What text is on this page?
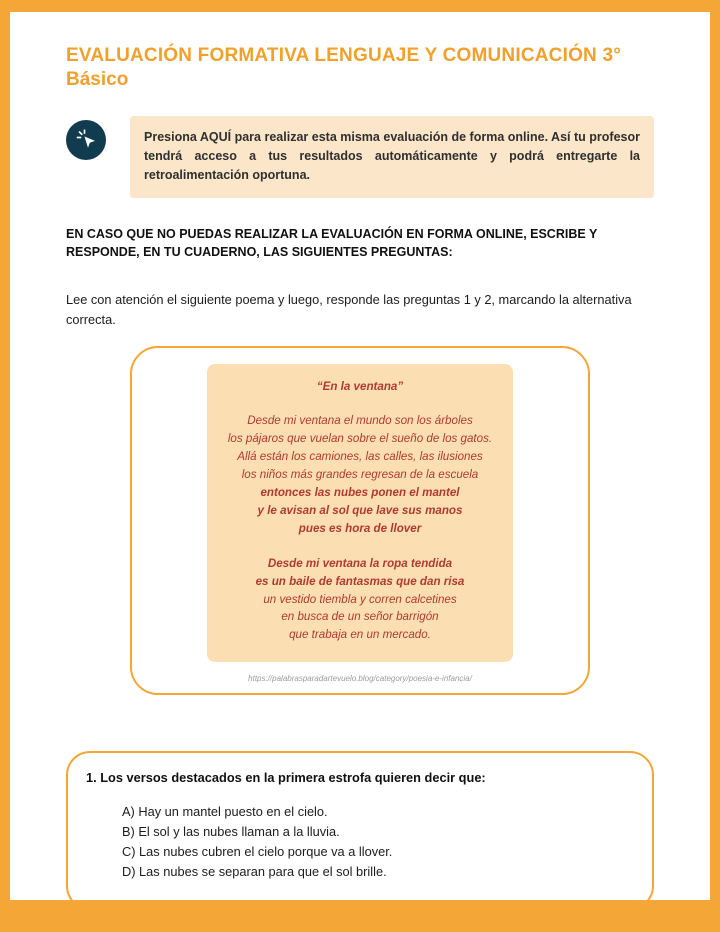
EVALUACIÓN FORMATIVA LENGUAJE Y COMUNICACIÓN 3°
Básico

Presiona AQUÍ para realizar esta misma evaluación de forma online. Así tu profesor tendrá acceso a tus resultados automáticamente y podrá entregarte la retroalimentación oportuna.

EN CASO QUE NO PUEDAS REALIZAR LA EVALUACIÓN EN FORMA ONLINE, ESCRIBE Y RESPONDE, EN TU CUADERNO, LAS SIGUIENTES PREGUNTAS:

Lee con atención el siguiente poema y luego, responde las preguntas 1 y 2, marcando la alternativa correcta.

“En la ventana”

Desde mi ventana el mundo son los árboles
los pájaros que vuelan sobre el sueño de los gatos.
Allá están los camiones, las calles, las ilusiones
los niños más grandes regresan de la escuela
entonces las nubes ponen el mantel
y le avisan al sol que lave sus manos
pues es hora de llover
Desde mi ventana la ropa tendida
es un baile de fantasmas que dan risa
un vestido tiembla y corren calcetines
en busca de un señor barrigón
que trabaja en un mercado.

https://palabrasparadartevuelo.blog/category/poesia-e-infancia/

1. Los versos destacados en la primera estrofa quieren decir que:

A) Hay un mantel puesto en el cielo.
B) El sol y las nubes llaman a la lluvia.
C) Las nubes cubren el cielo porque va a llover.
D) Las nubes se separan para que el sol brille.
